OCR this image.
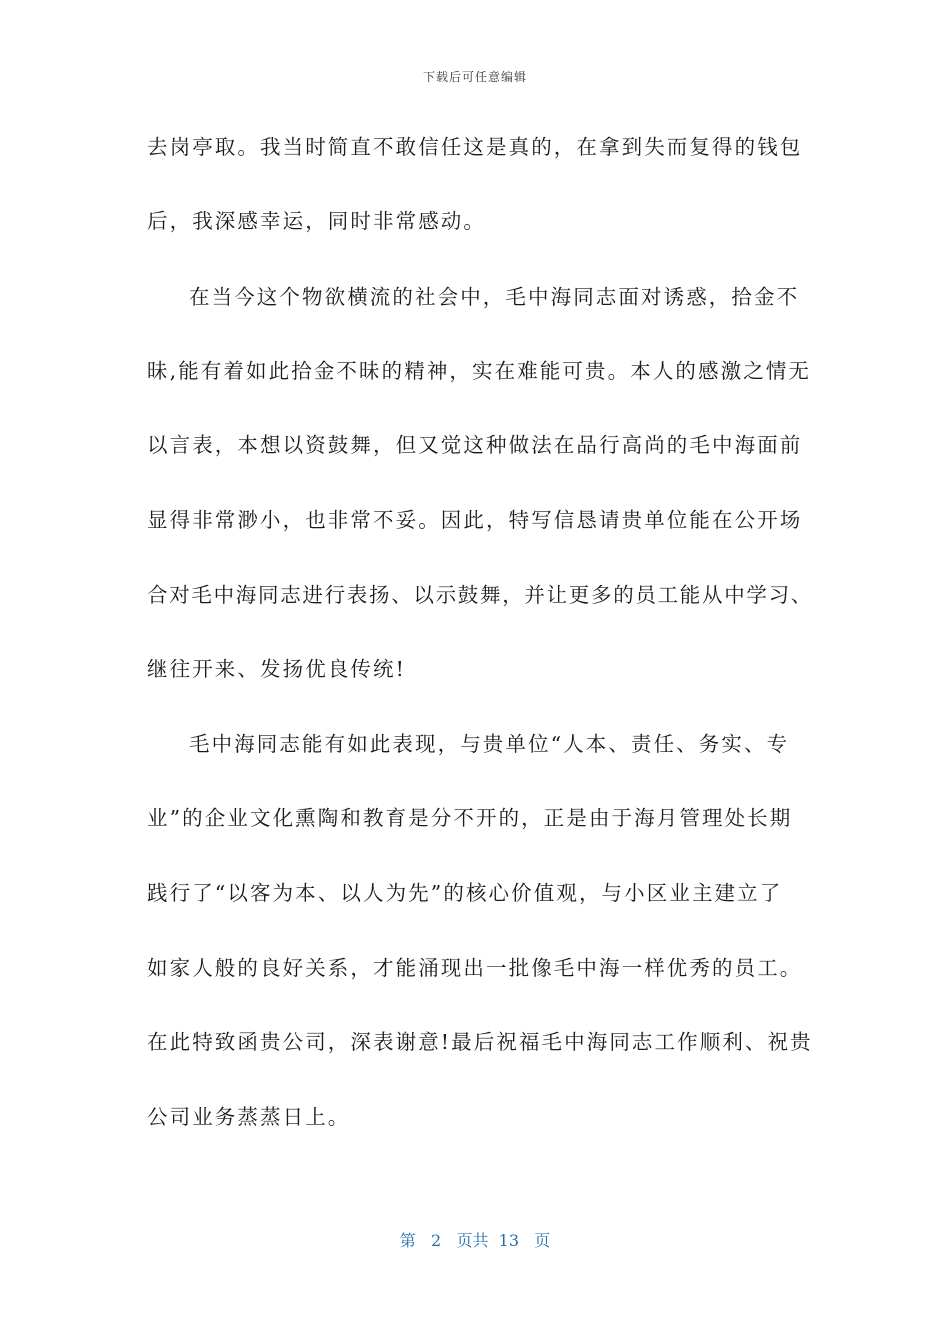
下载后可任意编辑
去岗亭取。我当时简直不敢信任这是真的，在拿到失而复得的钱包
后，我深感幸运，同时非常感动。
在当今这个物欲横流的社会中，毛中海同志面对诱惑，拾金不
昧,能有着如此拾金不昧的精神，实在难能可贵。本人的感激之情无
以言表，本想以资鼓舞，但又觉这种做法在品行高尚的毛中海面前
显得非常渺小，也非常不妥。因此，特写信恳请贵单位能在公开场
合对毛中海同志进行表扬、以示鼓舞，并让更多的员工能从中学习、
继往开来、发扬优良传统!
毛中海同志能有如此表现，与贵单位“人本、责任、务实、专
业”的企业文化熏陶和教育是分不开的，正是由于海月管理处长期
践行了“以客为本、以人为先”的核心价值观，与小区业主建立了
如家人般的良好关系，才能涌现出一批像毛中海一样优秀的员工。
在此特致函贵公司，深表谢意!最后祝福毛中海同志工作顺利、祝贵
公司业务蒸蒸日上。
第 2 页共 13 页
